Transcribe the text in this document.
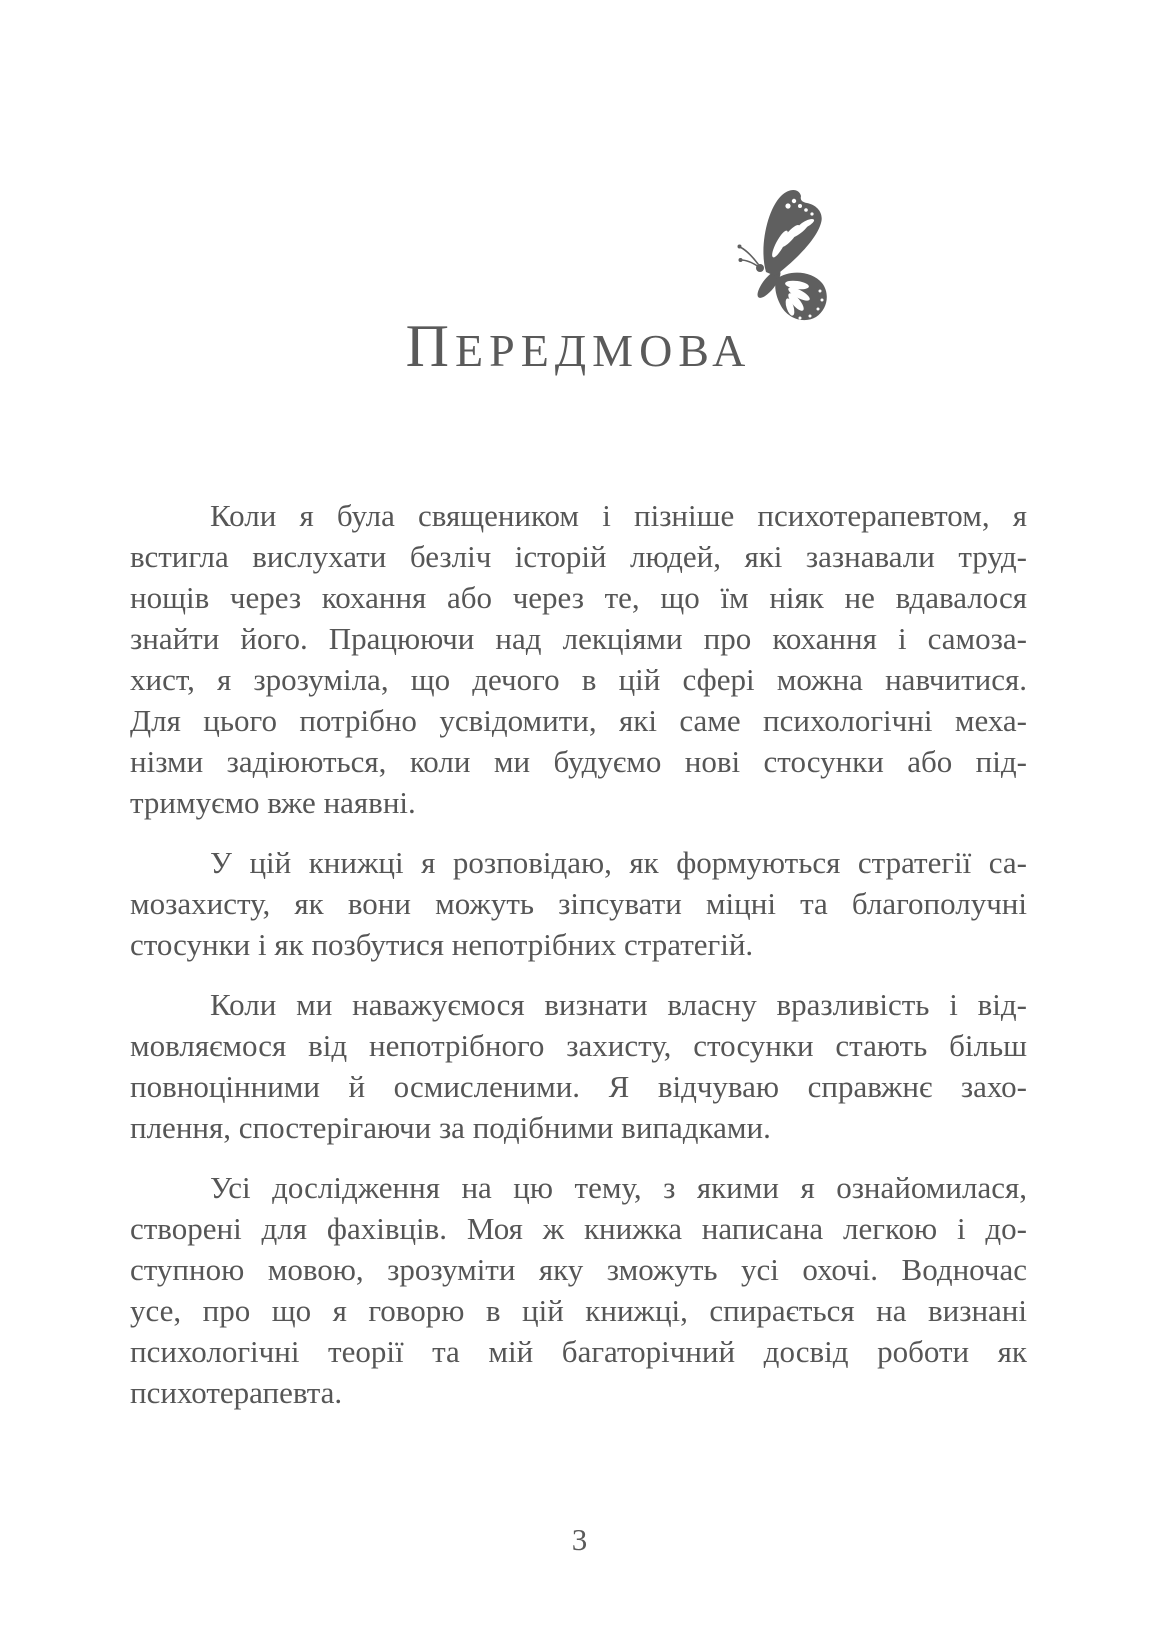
ПЕРЕДМОВА

Коли я була священиком і пізніше психотерапевтом, я
встигла вислухати безліч історій людей, які зазнавали труд-
нощів через кохання або через те, що їм ніяк не вдавалося
знайти його. Працюючи над лекціями про кохання і самоза-
хист, я зрозуміла, що дечого в цій сфері можна навчитися.
Для цього потрібно усвідомити, які саме психологічні меха-
нізми задіюються, коли ми будуємо нові стосунки або під-
тримуємо вже наявні.

У цій книжці я розповідаю, як формуються стратегії са-
мозахисту, як вони можуть зіпсувати міцні та благополучні
стосунки і як позбутися непотрібних стратегій.

Коли ми наважуємося визнати власну вразливість і від-
мовляємося від непотрібного захисту, стосунки стають більш
повноцінними й осмисленими. Я відчуваю справжнє захо-
плення, спостерігаючи за подібними випадками.

Усі дослідження на цю тему, з якими я ознайомилася,
створені для фахівців. Моя ж книжка написана легкою і до-
ступною мовою, зрозуміти яку зможуть усі охочі. Водночас
усе, про що я говорю в цій книжці, спирається на визнані
психологічні теорії та мій багаторічний досвід роботи як
психотерапевта.

3
